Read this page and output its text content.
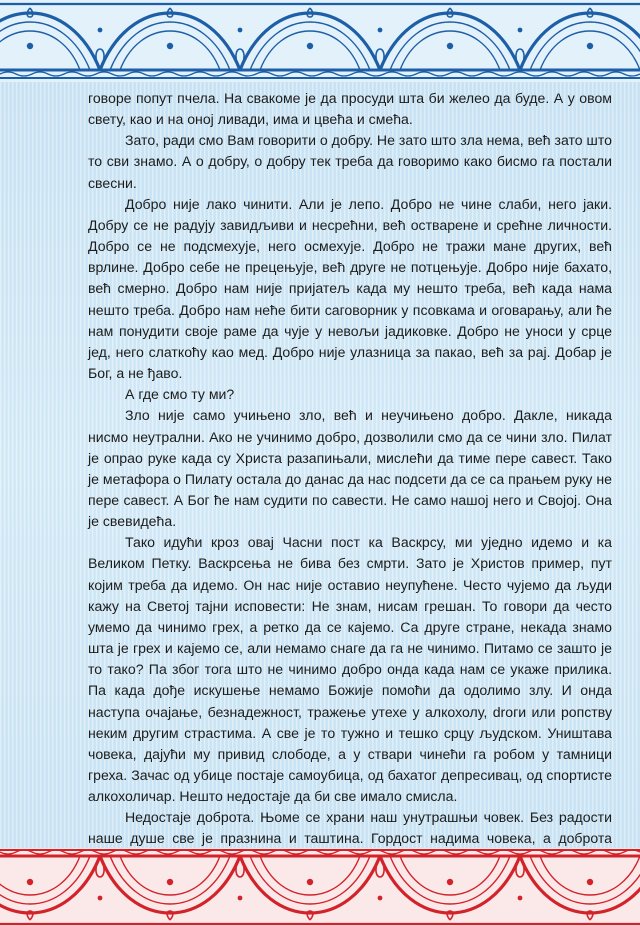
говоре попут пчела. На свакоме је да просуди шта би желео да буде. А у овом свету, као и на оној ливади, има и цвећа и смећа.

Зато, ради смо Вам говорити о добру. Не зато што зла нема, већ зато што то сви знамо. А о добру, о добру тек треба да говоримо како бисмо га постали свесни.

Добро није лако чинити. Али је лепо. Добро не чине слаби, него јаки. Добру се не радују завидљиви и несрећни, већ остварене и срећне личности. Добро се не подсмехује, него осмехује. Добро не тражи мане других, већ врлине. Добро себе не прецењује, већ друге не потцењује. Добро није бахато, већ смерно. Добро нам није пријатељ када му нешто треба, већ када нама нешто треба. Добро нам неће бити саговорник у псовкама и оговарању, али ће нам понудити своје раме да чује у невољи јадиковке. Добро не уноси у срце јед, него слаткоћу као мед. Добро није улазница за пакао, већ за рај. Добар је Бог, а не ђаво.

А где смо ту ми?

Зло није само учињено зло, већ и неучињено добро. Дакле, никада нисмо неутрални. Ако не учинимо добро, дозволили смо да се чини зло. Пилат је опрао руке када су Христа разапињали, мислећи да тиме пере савест. Тако је метафора о Пилату остала до данас да нас подсети да се са прањем руку не пере савест. А Бог ће нам судити по савести. Не само нашој него и Својој. Она је свевидећа.

Тако идући кроз овај Часни пост ка Васкрсу, ми уједно идемо и ка Великом Петку. Васкрсења не бива без смрти. Зато је Христов пример, пут којим треба да идемо. Он нас није оставио неупућене. Често чујемо да људи кажу на Светој тајни исповести: Не знам, нисам грешан. То говори да често умемо да чинимо грех, а ретко да се кајемо. Са друге стране, некада знамо шта је грех и кајемо се, али немамо снаге да га не чинимо. Питамо се зашто је то тако? Па због тога што не чинимо добро онда када нам се укаже прилика. Па када дође искушење немамо Божије помоћи да одолимо злу. И онда наступа очајање, безнадежност, тражење утехе у алкохолу, droги или ропству неким другим страстима. А све је то тужно и тешко срцу људском. Уништава човека, дајући му привид слободе, а у ствари чинећи га робом у тамници греха. Зачас од убице постаје самоубица, од бахатог депресивац, од спортисте алкохоличар. Нешто недостаје да би све имало смисла.

Недостаје доброта. Њоме се храни наш унутрашњи човек. Без радости наше душе све је празнина и таштина. Гордост надима човека, а доброта
